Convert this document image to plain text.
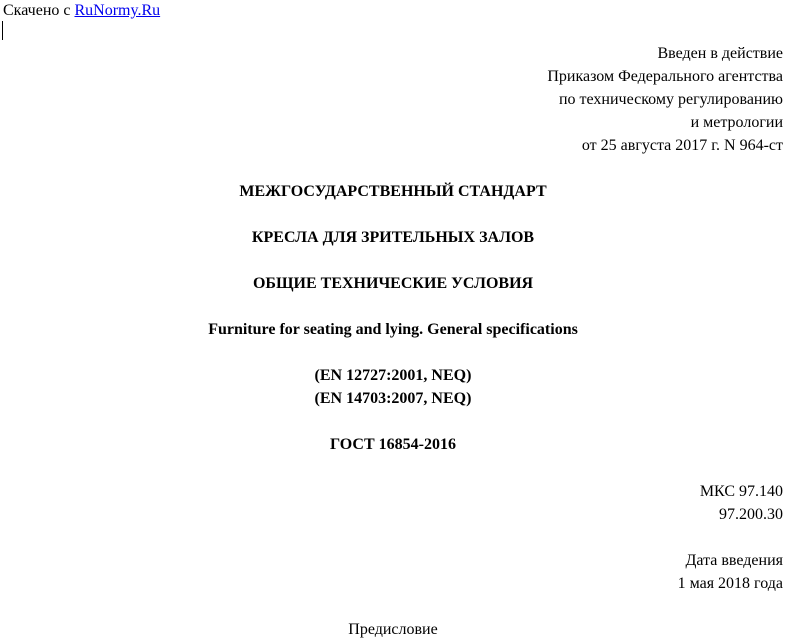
Скачено с RuNormy.Ru
Введен в действие
Приказом Федерального агентства
по техническому регулированию
и метрологии
от 25 августа 2017 г. N 964-ст
МЕЖГОСУДАРСТВЕННЫЙ СТАНДАРТ
КРЕСЛА ДЛЯ ЗРИТЕЛЬНЫХ ЗАЛОВ
ОБЩИЕ ТЕХНИЧЕСКИЕ УСЛОВИЯ
Furniture for seating and lying. General specifications
(EN 12727:2001, NEQ)
(EN 14703:2007, NEQ)
ГОСТ 16854-2016
МКС 97.140
97.200.30
Дата введения
1 мая 2018 года
Предисловие
